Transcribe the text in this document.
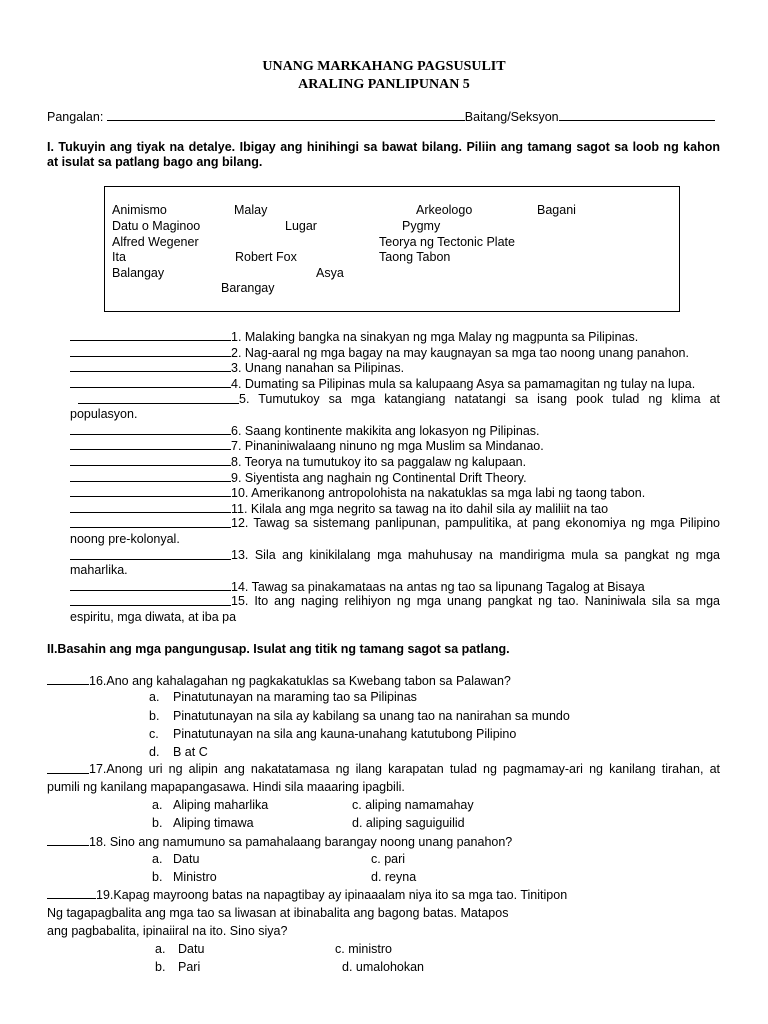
UNANG MARKAHANG PAGSUSULIT
ARALING PANLIPUNAN 5
Pangalan:	Baitang/Seksyon
I. Tukuyin ang tiyak na detalye. Ibigay ang hinihingi sa bawat bilang. Piliin ang tamang sagot sa loob ng kahon
at isulat sa patlang bago ang bilang.
Animismo	Malay	Arkeologo	Bagani
Datu o Maginoo	Lugar	Pygmy
Alfred Wegener	Teorya ng Tectonic Plate
Ita	Robert Fox	Taong Tabon
Balangay	Asya
Barangay
1. Malaking bangka na sinakyan ng mga Malay ng magpunta sa Pilipinas.
2. Nag-aaral ng mga bagay na may kaugnayan sa mga tao noong unang panahon.
3. Unang nanahan sa Pilipinas.
4. Dumating sa Pilipinas mula sa kalupaang Asya sa pamamagitan ng tulay na lupa.
5. Tumutukoy sa mga katangiang natatangi sa isang pook tulad ng klima at
populasyon.
6. Saang kontinente makikita ang lokasyon ng Pilipinas.
7. Pinaniniwalaang ninuno ng mga Muslim sa Mindanao.
8. Teorya na tumutukoy ito sa paggalaw ng kalupaan.
9. Siyentista ang naghain ng Continental Drift Theory.
10. Amerikanong antropolohista na nakatuklas sa mga labi ng taong tabon.
11. Kilala ang mga negrito sa tawag na ito dahil sila ay maliliit na tao
12. Tawag sa sistemang panlipunan, pampulitika, at pang ekonomiya ng mga Pilipino
noong pre-kolonyal.
13. Sila ang kinikilalang mga mahuhusay na mandirigma mula sa pangkat ng mga
maharlika.
14. Tawag sa pinakamataas na antas ng tao sa lipunang Tagalog at Bisaya
15. Ito ang naging relihiyon ng mga unang pangkat ng tao. Naniniwala sila sa mga
espiritu, mga diwata, at iba pa
II.Basahin ang mga pangungusap. Isulat ang titik ng tamang sagot sa patlang.
16.Ano ang kahalagahan ng pagkakatuklas sa Kwebang tabon sa Palawan?
a. Pinatutunayan na maraming tao sa Pilipinas
b. Pinatutunayan na sila ay kabilang sa unang tao na nanirahan sa mundo
c. Pinatutunayan na sila ang kauna-unahang katutubong Pilipino
d. B at C
17.Anong uri ng alipin ang nakatatamasa ng ilang karapatan tulad ng pagmamay-ari ng kanilang tirahan, at
pumili ng kanilang mapapangasawa. Hindi sila maaaring ipagbili.
a. Aliping maharlika	c. aliping namamahay
b. Aliping timawa	d. aliping saguiguilid
18. Sino ang namumuno sa pamahalaang barangay noong unang panahon?
a. Datu	c. pari
b. Ministro	d. reyna
19.Kapag mayroong batas na napagtibay ay ipinaaalam niya ito sa mga tao. Tinitipon
Ng tagapagbalita ang mga tao sa liwasan at ibinabalita ang bagong batas. Matapos
ang pagbabalita, ipinaiiral na ito. Sino siya?
a. Datu	c. ministro
b. Pari	d. umalohokan
